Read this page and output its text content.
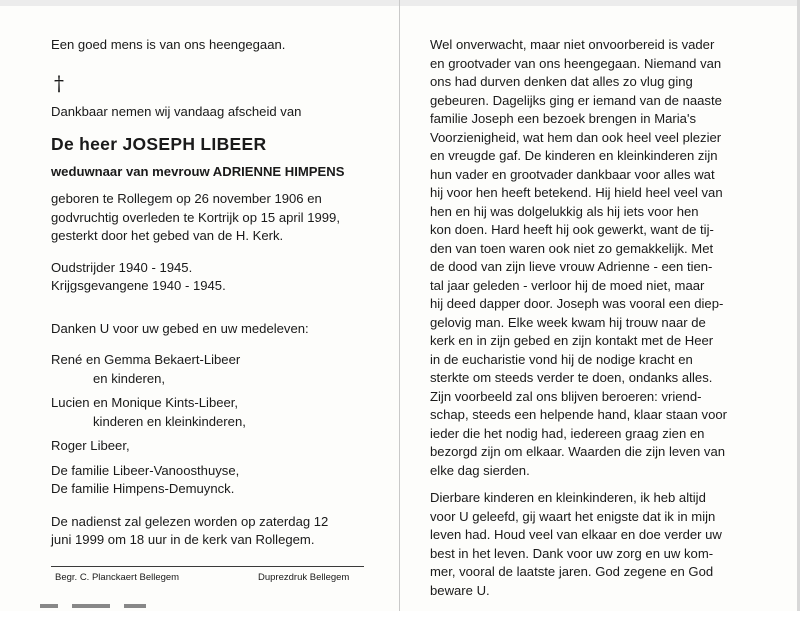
Een goed mens is van ons heengegaan.

†

Dankbaar nemen wij vandaag afscheid van

De heer JOSEPH LIBEER
weduwnaar van mevrouw ADRIENNE HIMPENS

geboren te Rollegem op 26 november 1906 en

godvruchtig overleden te Kortrijk op 15 april 1999,

gesterkt door het gebed van de H. Kerk.

Oudstrijder 1940 - 1945.

Krijgsgevangene 1940 - 1945.

Danken U voor uw gebed en uw medeleven:

René en Gemma Bekaert-Libeer

en kinderen,

Lucien en Monique Kints-Libeer,

kinderen en kleinkinderen,

Roger Libeer,

De familie Libeer-Vanoosthuyse,

De familie Himpens-Demuynck.

De nadienst zal gelezen worden op zaterdag 12

juni 1999 om 18 uur in de kerk van Rollegem.

Begr. C. Planckaert Bellegem	Duprezdruk Bellegem

Wel onverwacht, maar niet onvoorbereid is vader

en grootvader van ons heengegaan. Niemand van

ons had durven denken dat alles zo vlug ging

gebeuren. Dagelijks ging er iemand van de naaste

familie Joseph een bezoek brengen in Maria's

Voorzienigheid, wat hem dan ook heel veel plezier

en vreugde gaf. De kinderen en kleinkinderen zijn

hun vader en grootvader dankbaar voor alles wat

hij voor hen heeft betekend. Hij hield heel veel van

hen en hij was dolgelukkig als hij iets voor hen

kon doen. Hard heeft hij ook gewerkt, want de tij-

den van toen waren ook niet zo gemakkelijk. Met

de dood van zijn lieve vrouw Adrienne - een tien-

tal jaar geleden - verloor hij de moed niet, maar

hij deed dapper door. Joseph was vooral een diep-

gelovig man. Elke week kwam hij trouw naar de

kerk en in zijn gebed en zijn kontakt met de Heer

in de eucharistie vond hij de nodige kracht en

sterkte om steeds verder te doen, ondanks alles.

Zijn voorbeeld zal ons blijven beroeren: vriend-

schap, steeds een helpende hand, klaar staan voor

ieder die het nodig had, iedereen graag zien en

bezorgd zijn om elkaar. Waarden die zijn leven van

elke dag sierden.

Dierbare kinderen en kleinkinderen, ik heb altijd

voor U geleefd, gij waart het enigste dat ik in mijn

leven had. Houd veel van elkaar en doe verder uw

best in het leven. Dank voor uw zorg en uw kom-

mer, vooral de laatste jaren. God zegene en God

beware U.
